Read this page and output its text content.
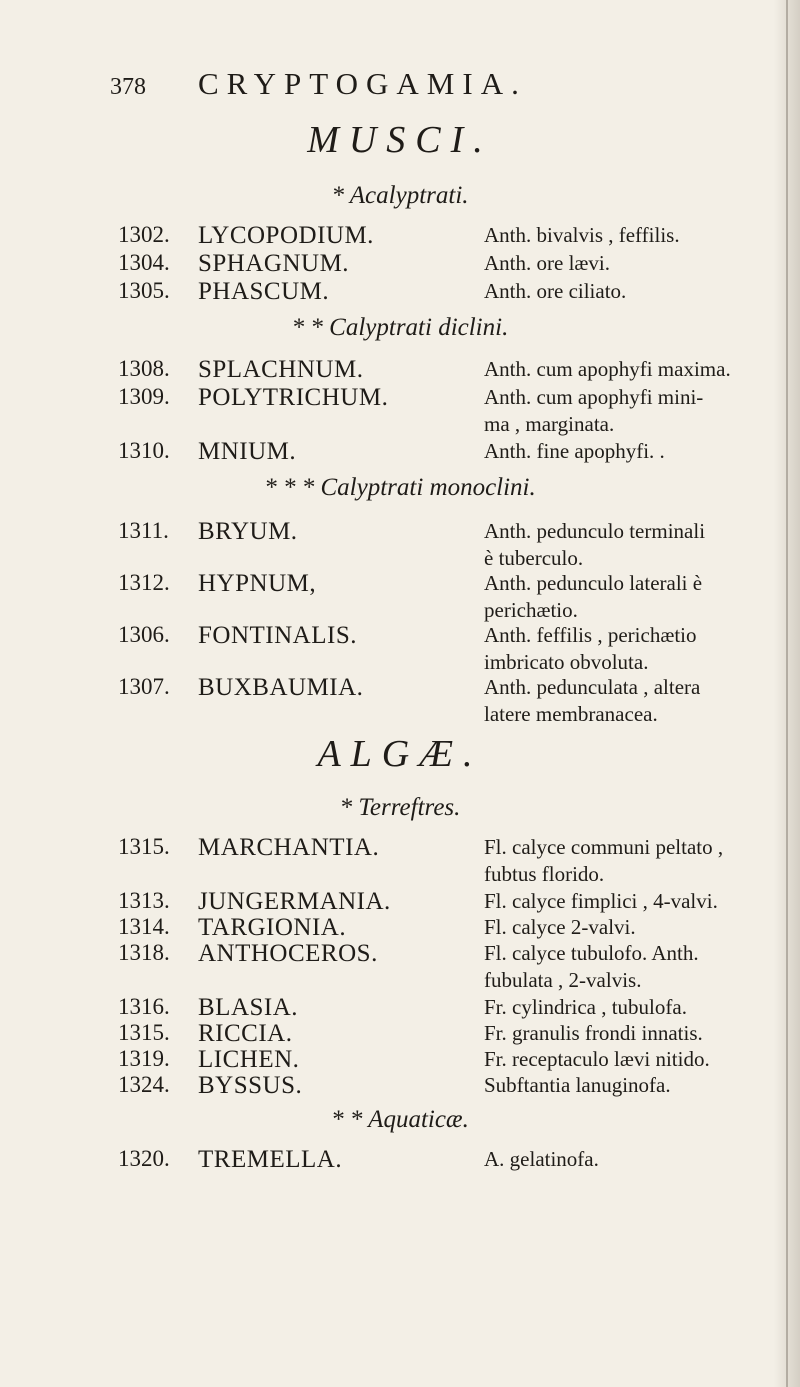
378 CRYPTOGAMIA.
MUSCI.
* Acalyptrati.
1302. LYCOPODIUM.	Anth. bivalvis , feffilis.
1304. SPHAGNUM.	Anth. ore lævi.
1305. PHASCUM.	Anth. ore ciliato.
* * Calyptrati diclini.
1308. SPLACHNUM.	Anth. cum apophyfi maxima.
1309. POLYTRICHUM.	Anth. cum apophyfi mini-
ma , marginata.
1310. MNIUM.	Anth. fine apophyfi. .
* * * Calyptrati monoclini.
1311. BRYUM.	Anth. pedunculo terminali
è tuberculo.
1312. HYPNUM,	Anth. pedunculo laterali è
perichætio.
1306. FONTINALIS.	Anth. feffilis , perichætio
imbricato obvoluta.
1307. BUXBAUMIA.	Anth. pedunculata , altera
latere membranacea.
ALGÆ.
* Terreftres.
1315. MARCHANTIA.	Fl. calyce communi peltato ,
fubtus florido.
1313. JUNGERMANIA.	Fl. calyce fimplici , 4-valvi.
1314. TARGIONIA.	Fl. calyce 2-valvi.
1318. ANTHOCEROS.	Fl. calyce tubulofo. Anth.
fubulata , 2-valvis.
1316. BLASIA.	Fr. cylindrica , tubulofa.
1315. RICCIA.	Fr. granulis frondi innatis.
1319. LICHEN.	Fr. receptaculo lævi nitido.
1324. BYSSUS.	Subftantia lanuginofa.
* * Aquaticæ.
1320. TREMELLA.	A. gelatinofa.
